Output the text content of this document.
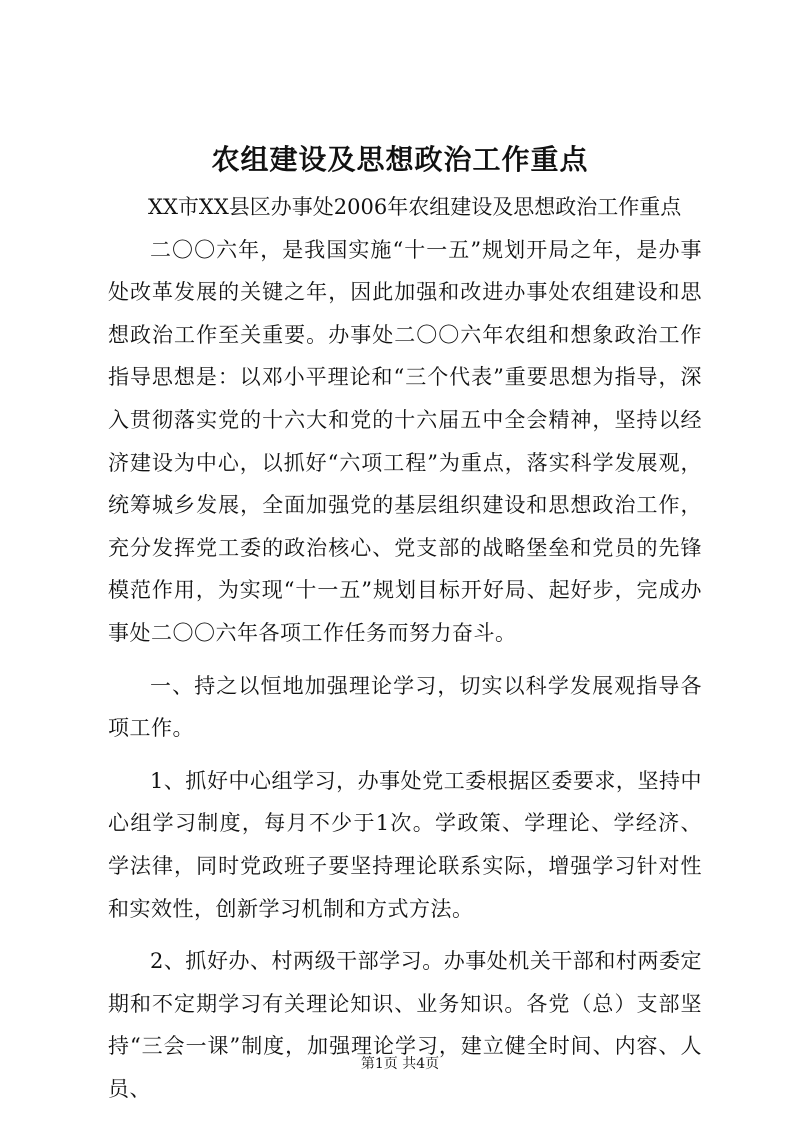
农组建设及思想政治工作重点

XX市XX县区办事处2006年农组建设及思想政治工作重点

二〇〇六年，是我国实施“十一五”规划开局之年，是办事处改革发展的关键之年，因此加强和改进办事处农组建设和思想政治工作至关重要。办事处二〇〇六年农组和想象政治工作指导思想是：以邓小平理论和“三个代表”重要思想为指导，深入贯彻落实党的十六大和党的十六届五中全会精神，坚持以经济建设为中心，以抓好“六项工程”为重点，落实科学发展观，统筹城乡发展，全面加强党的基层组织建设和思想政治工作，充分发挥党工委的政治核心、党支部的战略堡垒和党员的先锋模范作用，为实现“十一五”规划目标开好局、起好步，完成办事处二〇〇六年各项工作任务而努力奋斗。

一、持之以恒地加强理论学习，切实以科学发展观指导各项工作。

1、抓好中心组学习，办事处党工委根据区委要求，坚持中心组学习制度，每月不少于1次。学政策、学理论、学经济、学法律，同时党政班子要坚持理论联系实际，增强学习针对性和实效性，创新学习机制和方式方法。

2、抓好办、村两级干部学习。办事处机关干部和村两委定期和不定期学习有关理论知识、业务知识。各党（总）支部坚持“三会一课”制度，加强理论学习，建立健全时间、内容、人员、

第1页 共4页
